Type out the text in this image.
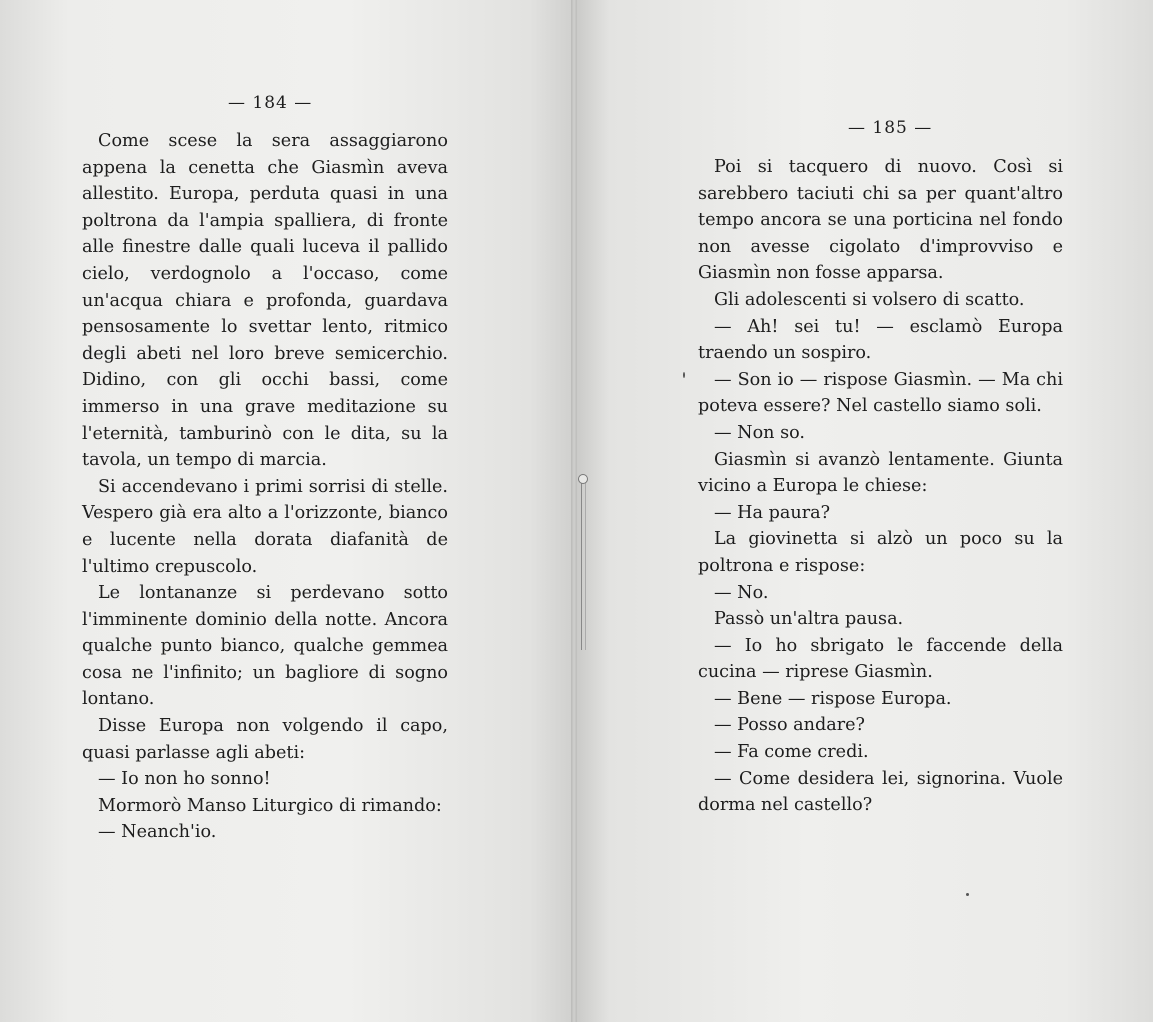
— 184 —

Come scese la sera assaggiarono appena la cenetta che Giasmìn aveva allestito. Europa, perduta quasi in una poltrona da l'ampia spalliera, di fronte alle finestre dalle quali luceva il pallido cielo, verdognolo a l'occaso, come un'acqua chiara e profonda, guardava pensosamente lo svettar lento, ritmico degli abeti nel loro breve semicerchio. Didino, con gli occhi bassi, come immerso in una grave meditazione su l'eternità, tamburinò con le dita, su la tavola, un tempo di marcia.

Si accendevano i primi sorrisi di stelle. Vespero già era alto a l'orizzonte, bianco e lucente nella dorata diafanità de l'ultimo crepuscolo.

Le lontananze si perdevano sotto l'imminente dominio della notte. Ancora qualche punto bianco, qualche gemmea cosa ne l'infinito; un bagliore di sogno lontano.

Disse Europa non volgendo il capo, quasi parlasse agli abeti:

— Io non ho sonno!

Mormorò Manso Liturgico di rimando:

— Neanch'io.

— 185 —

Poi si tacquero di nuovo. Così si sarebbero taciuti chi sa per quant'altro tempo ancora se una porticina nel fondo non avesse cigolato d'improvviso e Giasmìn non fosse apparsa.

Gli adolescenti si volsero di scatto.

— Ah! sei tu! — esclamò Europa traendo un sospiro.

— Son io — rispose Giasmìn. — Ma chi poteva essere? Nel castello siamo soli.

— Non so.

Giasmìn si avanzò lentamente. Giunta vicino a Europa le chiese:

— Ha paura?

La giovinetta si alzò un poco su la poltrona e rispose:

— No.

Passò un'altra pausa.

— Io ho sbrigato le faccende della cucina — riprese Giasmìn.

— Bene — rispose Europa.

— Posso andare?

— Fa come credi.

— Come desidera lei, signorina. Vuole dorma nel castello?
